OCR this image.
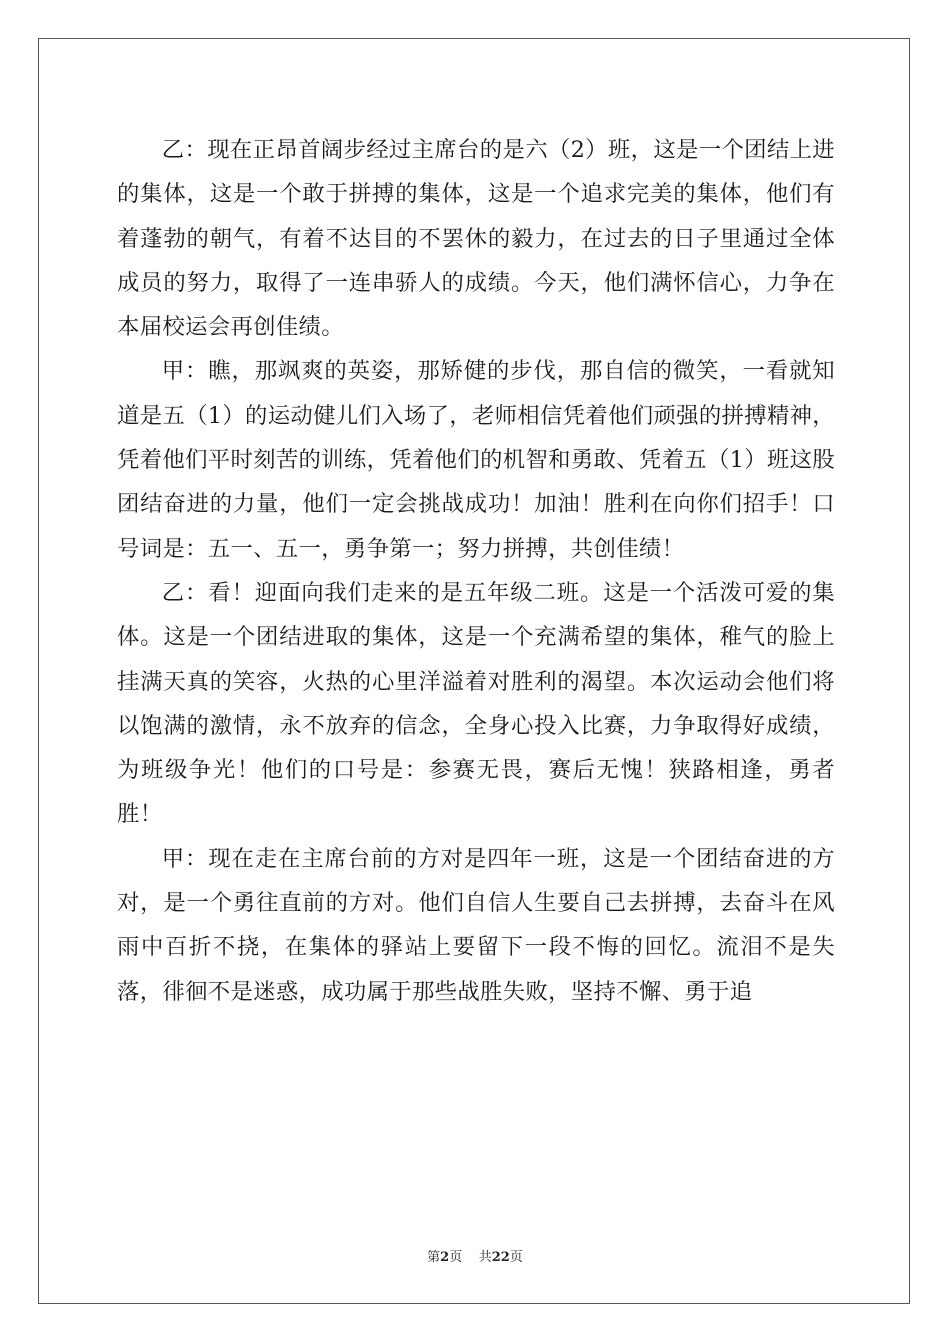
乙：现在正昂首阔步经过主席台的是六（2）班，这是一个团结上进的集体，这是一个敢于拼搏的集体，这是一个追求完美的集体，他们有着蓬勃的朝气，有着不达目的不罢休的毅力，在过去的日子里通过全体成员的努力，取得了一连串骄人的成绩。今天，他们满怀信心，力争在本届校运会再创佳绩。

甲：瞧，那飒爽的英姿，那矫健的步伐，那自信的微笑，一看就知道是五（1）的运动健儿们入场了，老师相信凭着他们顽强的拼搏精神，凭着他们平时刻苦的训练，凭着他们的机智和勇敢、凭着五（1）班这股团结奋进的力量，他们一定会挑战成功！加油！胜利在向你们招手！口号词是：五一、五一，勇争第一；努力拼搏，共创佳绩！

乙：看！迎面向我们走来的是五年级二班。这是一个活泼可爱的集体。这是一个团结进取的集体，这是一个充满希望的集体，稚气的脸上挂满天真的笑容，火热的心里洋溢着对胜利的渴望。本次运动会他们将以饱满的激情，永不放弃的信念，全身心投入比赛，力争取得好成绩，为班级争光！他们的口号是：参赛无畏，赛后无愧！狭路相逢，勇者胜！

甲：现在走在主席台前的方对是四年一班，这是一个团结奋进的方对，是一个勇往直前的方对。他们自信人生要自己去拼搏，去奋斗在风雨中百折不挠，在集体的驿站上要留下一段不悔的回忆。流泪不是失落，徘徊不是迷惑，成功属于那些战胜失败，坚持不懈、勇于追

第2页 共22页
